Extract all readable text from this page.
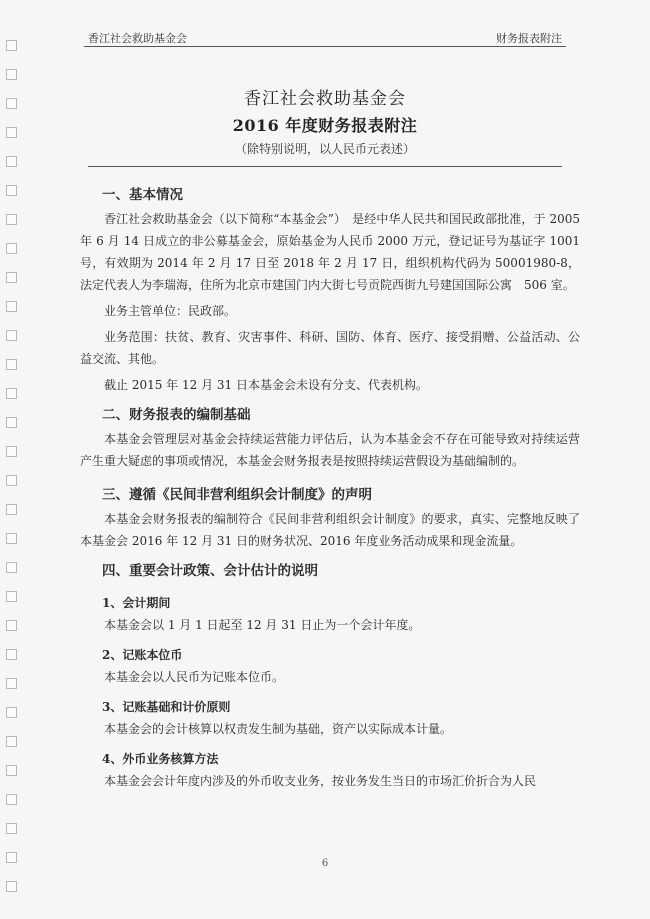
香江社会救助基金会	财务报表附注
香江社会救助基金会
2016 年度财务报表附注
（除特别说明，以人民币元表述）
一、基本情况

香江社会救助基金会（以下简称“本基金会”）　是经中华人民共和国民政部批准，于 2005 年 6 月 14 日成立的非公募基金会，原始基金为人民币 2000 万元，登记证号为基证字 1001 号，有效期为 2014 年 2 月 17 日至 2018 年 2 月 17 日，组织机构代码为 50001980-8，法定代表人为李瑞海，住所为北京市建国门内大街七号贡院西街九号建国国际公寓　506 室。

业务主管单位：民政部。

业务范围：扶贫、教育、灾害事件、科研、国防、体育、医疗、接受捐赠、公益活动、公益交流、其他。

截止 2015 年 12 月 31 日本基金会未设有分支、代表机构。

二、财务报表的编制基础

本基金会管理层对基金会持续运营能力评估后，认为本基金会不存在可能导致对持续运营产生重大疑虑的事项或情况，本基金会财务报表是按照持续运营假设为基础编制的。

三、遵循《民间非营利组织会计制度》的声明

本基金会财务报表的编制符合《民间非营利组织会计制度》的要求，真实、完整地反映了本基金会 2016 年 12 月 31 日的财务状况、2016 年度业务活动成果和现金流量。

四、重要会计政策、会计估计的说明
1、会计期间

本基金会以 1 月 1 日起至 12 月 31 日止为一个会计年度。

2、记账本位币

本基金会以人民币为记账本位币。

3、记账基础和计价原则

本基金会的会计核算以权责发生制为基础，资产以实际成本计量。

4、外币业务核算方法

本基金会会计年度内涉及的外币收支业务，按业务发生当日的市场汇价折合为人民

6
